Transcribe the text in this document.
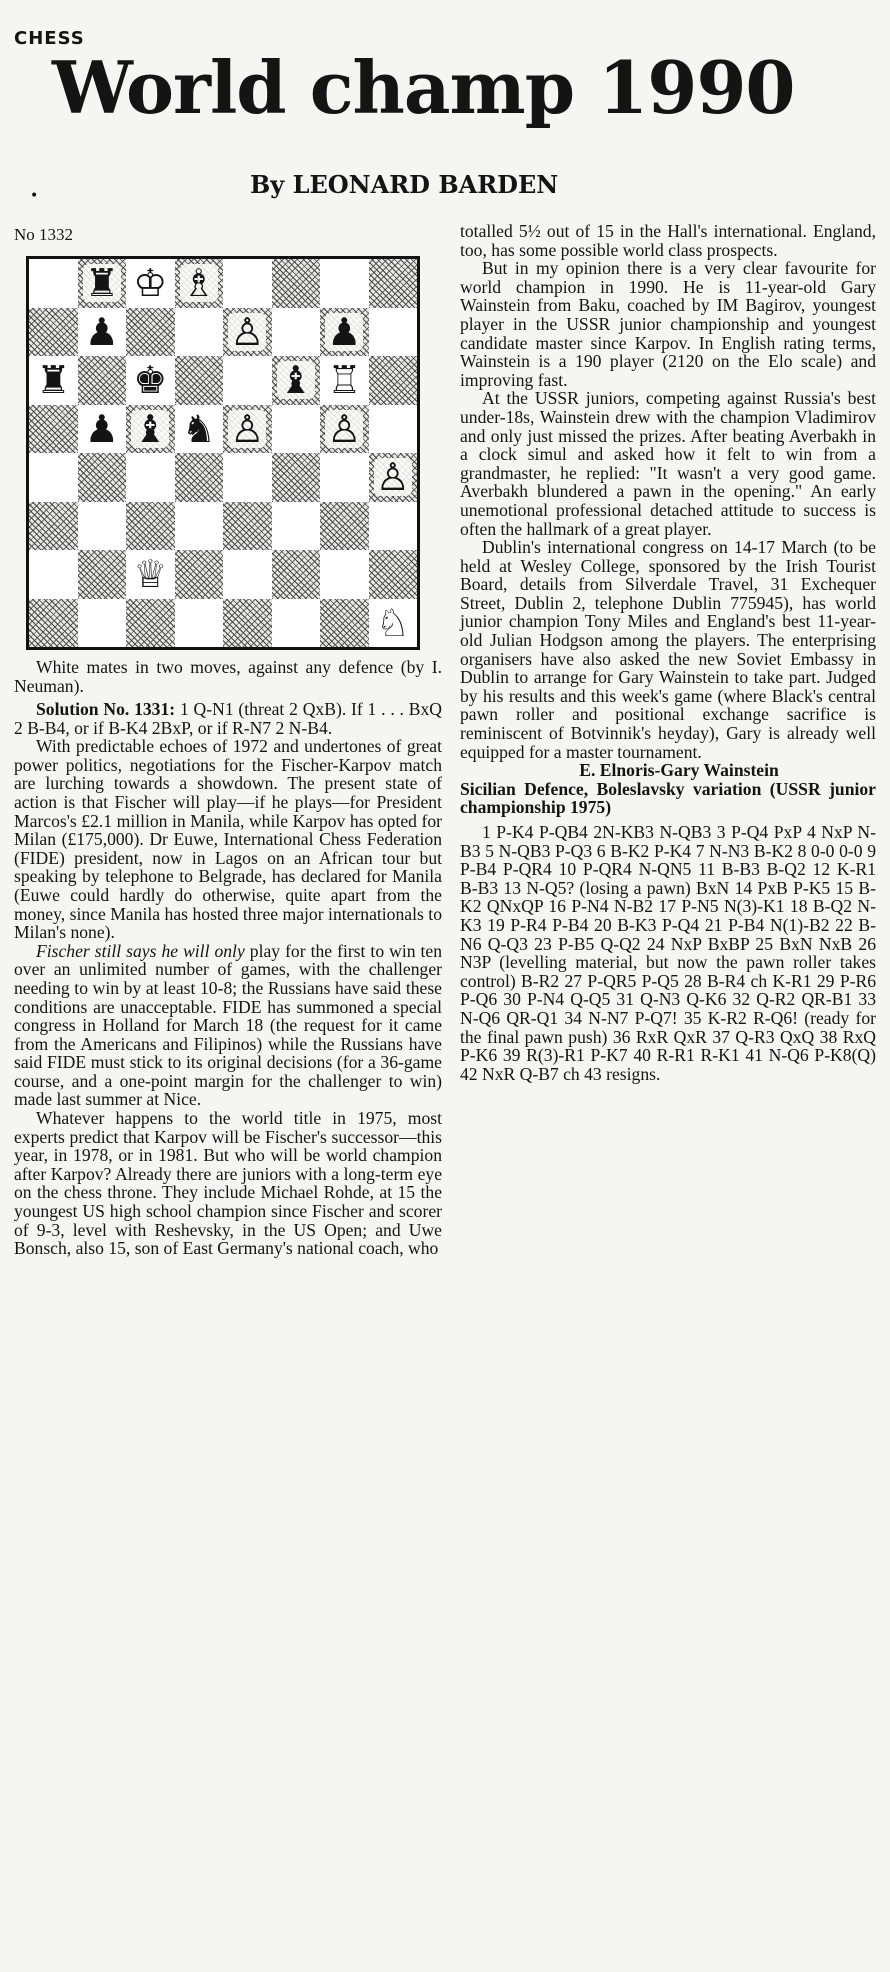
CHESS
World champ 1990
•	By LEONARD BARDEN
No 1332
♜ ♔ ♗
♟	♙ ♟
♜ ♚	♝ ♖
♟ ♝ ♞ ♙ ♙
♙
♕
♘

White mates in two moves, against any defence (by I. Neuman).

Solution No. 1331: 1 Q-N1 (threat 2 QxB). If 1 . . . BxQ 2 B-B4, or if B-K4 2BxP, or if R-N7 2 N-B4.

With predictable echoes of 1972 and undertones of great power politics, negotiations for the Fischer-Karpov match are lurching towards a showdown. The present state of action is that Fischer will play—if he plays—for President Marcos's £2.1 million in Manila, while Karpov has opted for Milan (£175,000). Dr Euwe, International Chess Federation (FIDE) president, now in Lagos on an African tour but speaking by telephone to Belgrade, has declared for Manila (Euwe could hardly do otherwise, quite apart from the money, since Manila has hosted three major internationals to Milan's none).

Fischer still says he will only play for the first to win ten over an unlimited number of games, with the challenger needing to win by at least 10-8; the Russians have said these conditions are unacceptable. FIDE has summoned a special congress in Holland for March 18 (the request for it came from the Americans and Filipinos) while the Russians have said FIDE must stick to its original decisions (for a 36-game course, and a one-point margin for the challenger to win) made last summer at Nice.

Whatever happens to the world title in 1975, most experts predict that Karpov will be Fischer's successor—this year, in 1978, or in 1981. But who will be world champion after Karpov? Already there are juniors with a long-term eye on the chess throne. They include Michael Rohde, at 15 the youngest US high school champion since Fischer and scorer of 9-3, level with Reshevsky, in the US Open; and Uwe Bonsch, also 15, son of East Germany's national coach, who

totalled 5½ out of 15 in the Hall's international. England, too, has some possible world class prospects.

But in my opinion there is a very clear favourite for world champion in 1990. He is 11-year-old Gary Wainstein from Baku, coached by IM Bagirov, youngest player in the USSR junior championship and youngest candidate master since Karpov. In English rating terms, Wainstein is a 190 player (2120 on the Elo scale) and improving fast.

At the USSR juniors, competing against Russia's best under-18s, Wainstein drew with the champion Vladimirov and only just missed the prizes. After beating Averbakh in a clock simul and asked how it felt to win from a grandmaster, he replied: "It wasn't a very good game. Averbakh blundered a pawn in the opening." An early unemotional professional detached attitude to success is often the hallmark of a great player.

Dublin's international congress on 14-17 March (to be held at Wesley College, sponsored by the Irish Tourist Board, details from Silverdale Travel, 31 Exchequer Street, Dublin 2, telephone Dublin 775945), has world junior champion Tony Miles and England's best 11-year-old Julian Hodgson among the players. The enterprising organisers have also asked the new Soviet Embassy in Dublin to arrange for Gary Wainstein to take part. Judged by his results and this week's game (where Black's central pawn roller and positional exchange sacrifice is reminiscent of Botvinnik's heyday), Gary is already well equipped for a master tournament.

E. Elnoris-Gary Wainstein

Sicilian Defence, Boleslavsky variation (USSR junior championship 1975)

1 P-K4 P-QB4 2N-KB3 N-QB3 3 P-Q4 PxP 4 NxP N-B3 5 N-QB3 P-Q3 6 B-K2 P-K4 7 N-N3 B-K2 8 0-0 0-0 9 P-B4 P-QR4 10 P-QR4 N-QN5 11 B-B3 B-Q2 12 K-R1 B-B3 13 N-Q5? (losing a pawn) BxN 14 PxB P-K5 15 B-K2 QNxQP 16 P-N4 N-B2 17 P-N5 N(3)-K1 18 B-Q2 N-K3 19 P-R4 P-B4 20 B-K3 P-Q4 21 P-B4 N(1)-B2 22 B-N6 Q-Q3 23 P-B5 Q-Q2 24 NxP BxBP 25 BxN NxB 26 N3P (levelling material, but now the pawn roller takes control) B-R2 27 P-QR5 P-Q5 28 B-R4 ch K-R1 29 P-R6 P-Q6 30 P-N4 Q-Q5 31 Q-N3 Q-K6 32 Q-R2 QR-B1 33 N-Q6 QR-Q1 34 N-N7 P-Q7! 35 K-R2 R-Q6! (ready for the final pawn push) 36 RxR QxR 37 Q-R3 QxQ 38 RxQ P-K6 39 R(3)-R1 P-K7 40 R-R1 R-K1 41 N-Q6 P-K8(Q) 42 NxR Q-B7 ch 43 resigns.
